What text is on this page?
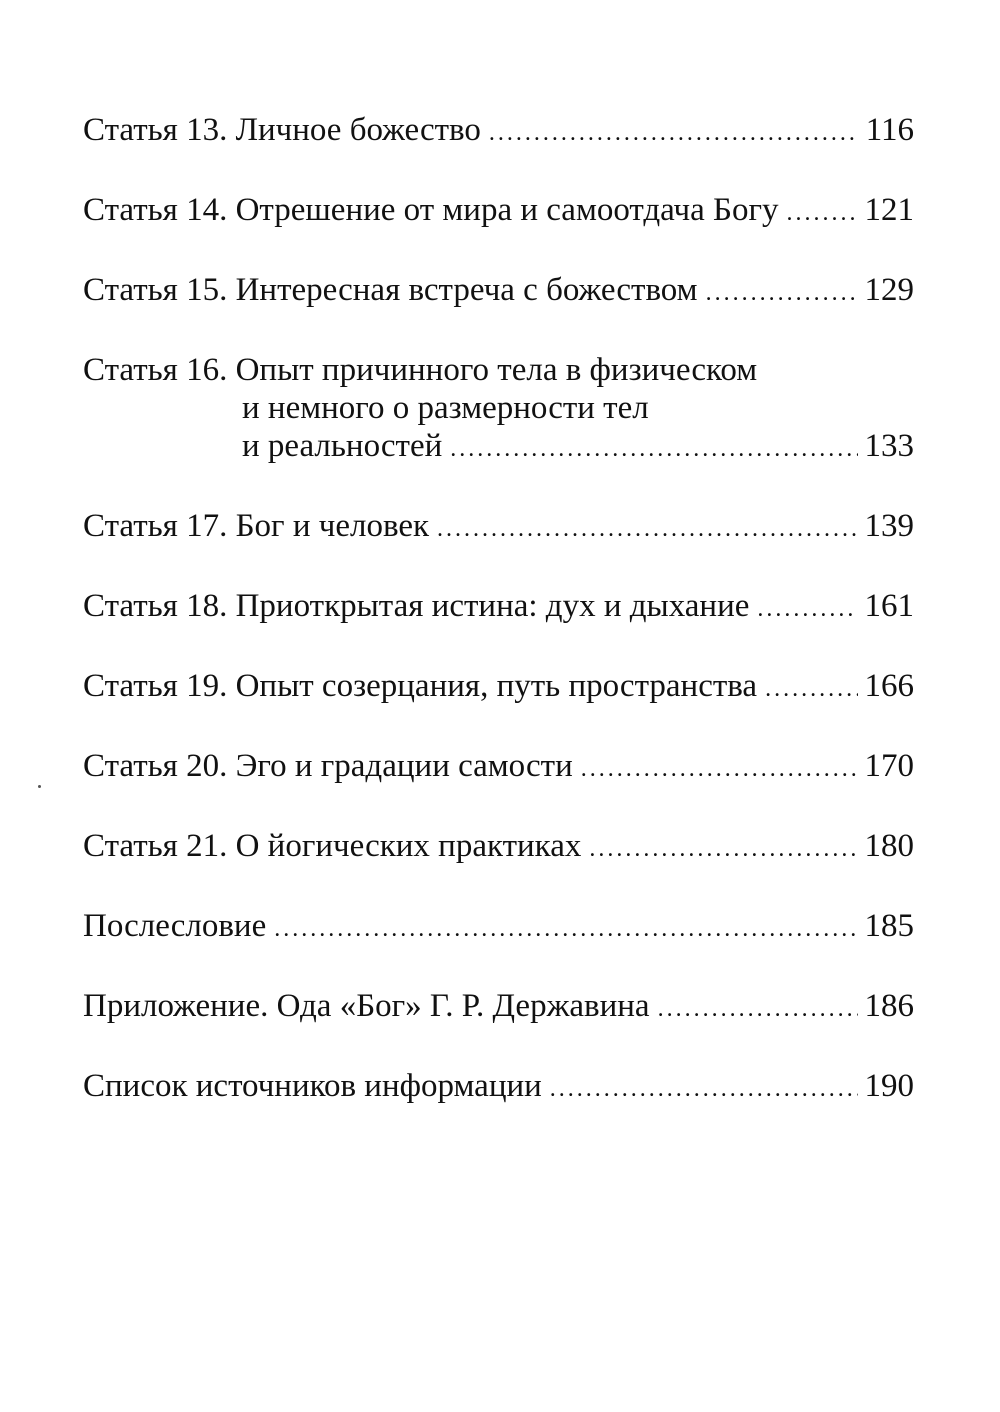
Статья 13. Личное божество .....	116
Статья 14. Отрешение от мира и самоотдача Богу .....	121
Статья 15. Интересная встреча с божеством .....	129
Статья 16. Опыт причинного тела в физическом
и немного о размерности тел
и реальностей .....	133
Статья 17. Бог и человек .....	139
Статья 18. Приоткрытая истина: дух и дыхание .....	161
Статья 19. Опыт созерцания, путь пространства .....	166
Статья 20. Эго и градации самости .....	170
Статья 21. О йогических практиках .....	180
Послесловие .....	185
Приложение. Ода «Бог» Г. Р. Державина .....	186
Список источников информации .....	190
